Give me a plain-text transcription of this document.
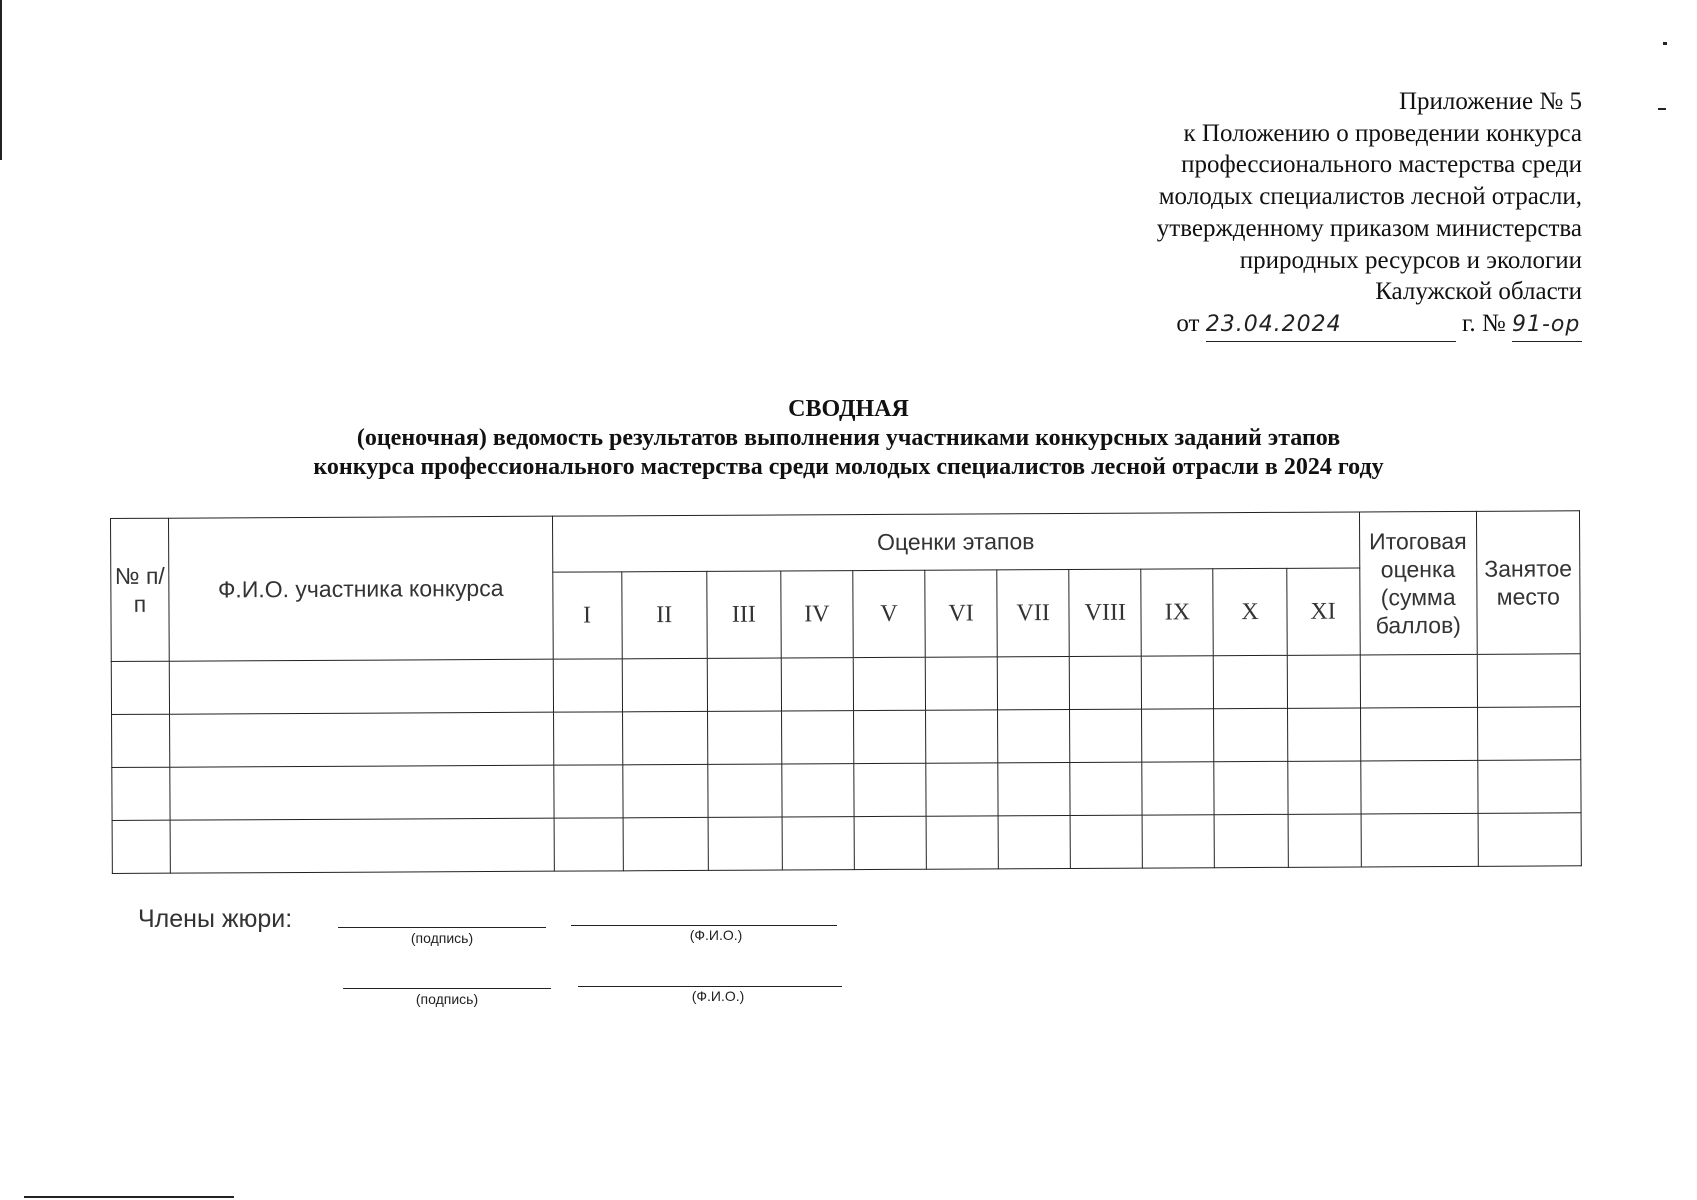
Приложение № 5
к Положению о проведении конкурса
профессионального мастерства среди
молодых специалистов лесной отрасли,
утвержденному приказом министерства
природных ресурсов и экологии
Калужской области
от 23.04.2024	г. № 91-op
СВОДНАЯ
(оценочная) ведомость результатов выполнения участниками конкурсных заданий этапов
конкурса профессионального мастерства среди молодых специалистов лесной отрасли в 2024 году
№ п/п	Ф.И.О. участника конкурса	Оценки этапов											Итоговая оценка (сумма баллов)	Занятое место
		I	II	III	IV	V	VI	VII	VIII	IX	X	XI		

Члены жюри:
(подпись)	(Ф.И.О.)
(подпись)	(Ф.И.О.)
